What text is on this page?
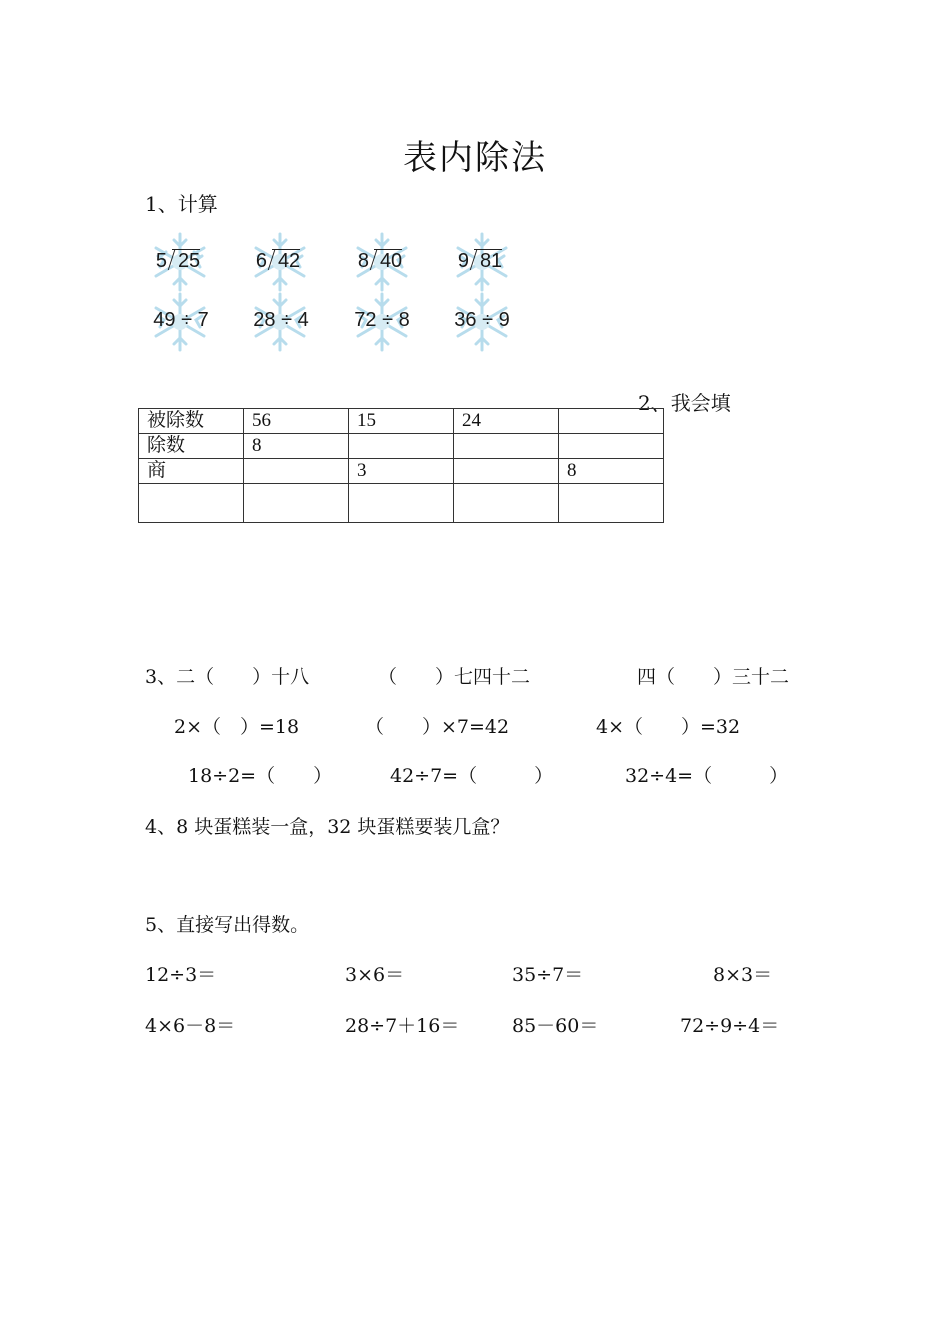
表内除法
1、计算
5 25	6 42	8 40	9 81
49 ÷ 7	28 ÷ 4	72 ÷ 8	36 ÷ 9
2、我会填
被除数	56	15	24	
除数	8			
商		3		8

3、二（　　）十八	（　　）七四十二	四（　　）三十二
2×（　）=18	（　　）×7=42	4×（　　）=32
18÷2=（　　）	42÷7=（　　　）	32÷4=（　　　）
4、8 块蛋糕装一盒，32 块蛋糕要装几盒？
5、直接写出得数。
12÷3＝	3×6＝	35÷7＝	8×3＝
4×6－8＝	28÷7＋16＝	85－60＝	72÷9÷4＝
